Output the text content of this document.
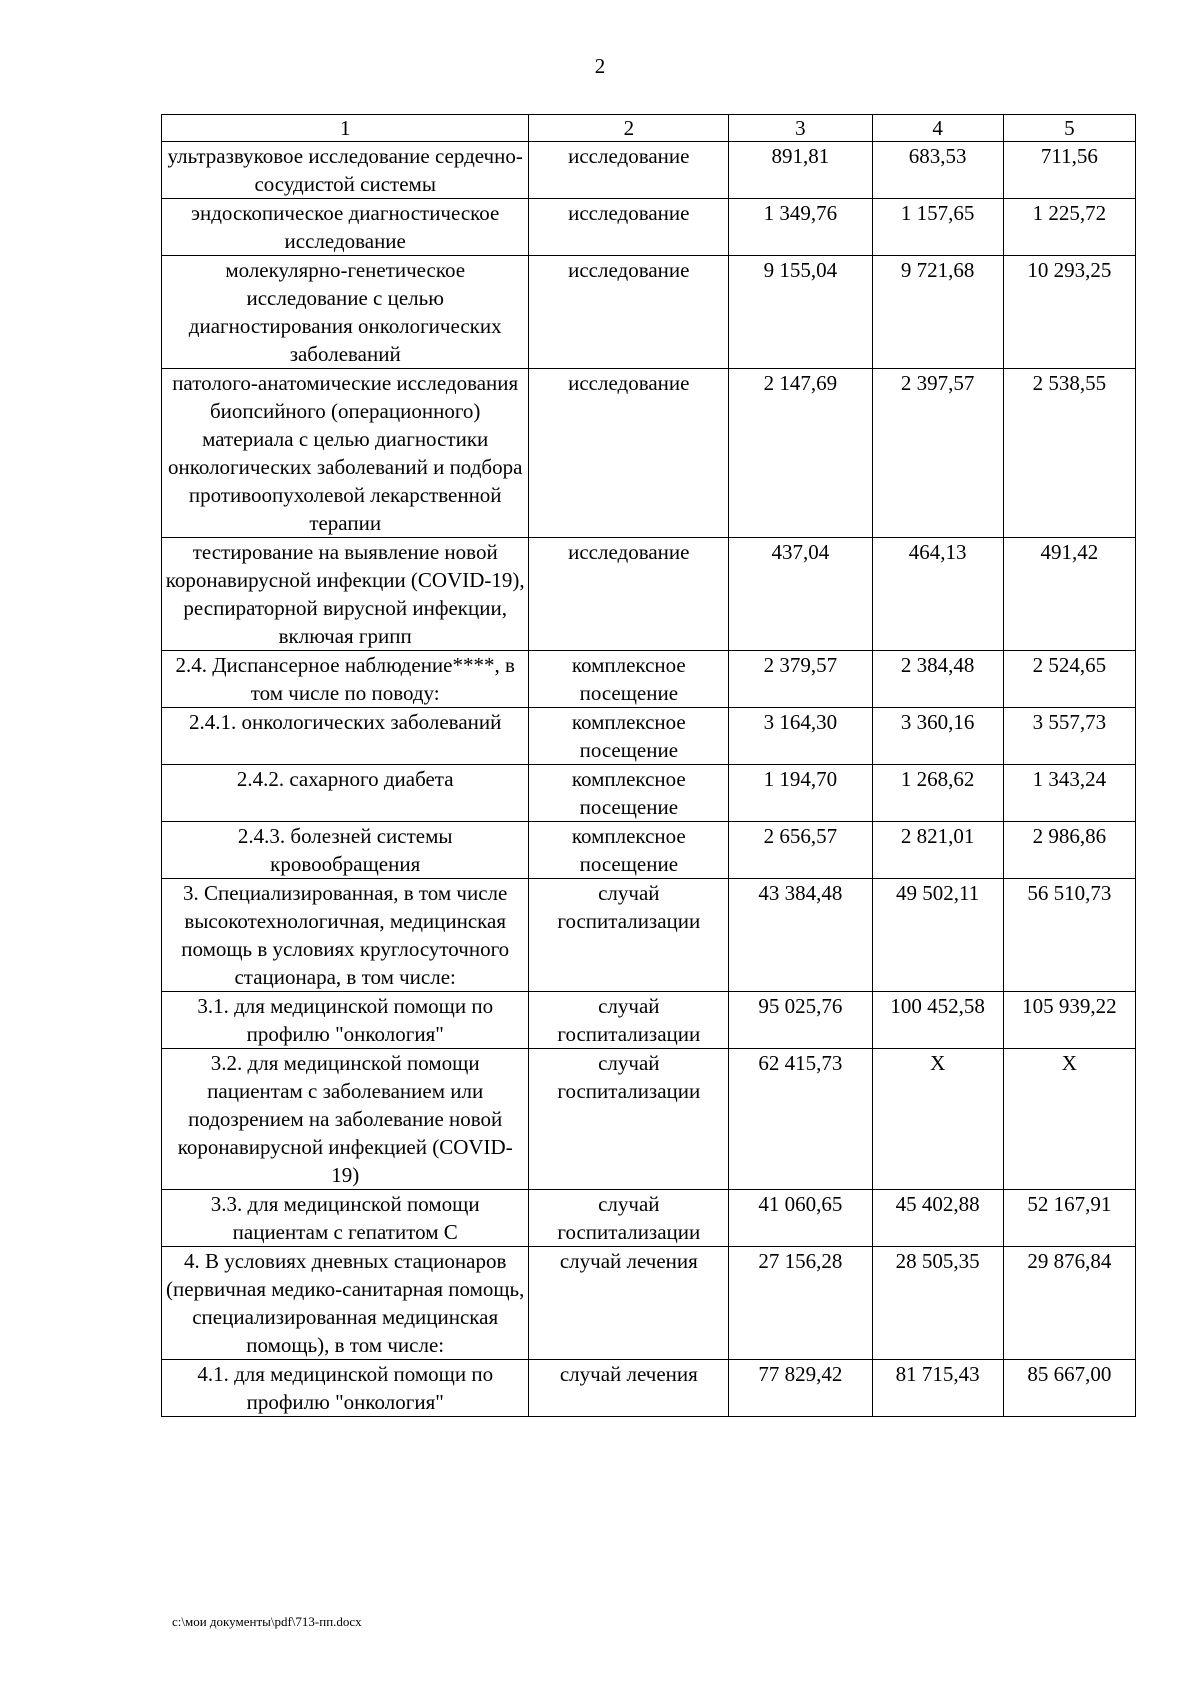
2
1	2	3	4	5
ультразвуковое исследование сердечно-сосудистой системы	исследование	891,81	683,53	711,56
эндоскопическое диагностическое исследование	исследование	1 349,76	1 157,65	1 225,72
молекулярно-генетическое исследование с целью диагностирования онкологических заболеваний	исследование	9 155,04	9 721,68	10 293,25
патолого-анатомические исследования биопсийного (операционного) материала с целью диагностики онкологических заболеваний и подбора противоопухолевой лекарственной терапии	исследование	2 147,69	2 397,57	2 538,55
тестирование на выявление новой коронавирусной инфекции (COVID-19), респираторной вирусной инфекции, включая грипп	исследование	437,04	464,13	491,42
2.4. Диспансерное наблюдение****, в том числе по поводу:	комплексное посещение	2 379,57	2 384,48	2 524,65
2.4.1. онкологических заболеваний	комплексное посещение	3 164,30	3 360,16	3 557,73
2.4.2. сахарного диабета	комплексное посещение	1 194,70	1 268,62	1 343,24
2.4.3. болезней системы кровообращения	комплексное посещение	2 656,57	2 821,01	2 986,86
3. Специализированная, в том числе высокотехнологичная, медицинская помощь в условиях круглосуточного стационара, в том числе:	случай госпитализации	43 384,48	49 502,11	56 510,73
3.1. для медицинской помощи по профилю "онкология"	случай госпитализации	95 025,76	100 452,58	105 939,22
3.2. для медицинской помощи пациентам с заболеванием или подозрением на заболевание новой коронавирусной инфекцией (COVID-19)	случай госпитализации	62 415,73	Х	Х
3.3. для медицинской помощи пациентам с гепатитом С	случай госпитализации	41 060,65	45 402,88	52 167,91
4. В условиях дневных стационаров (первичная медико-санитарная помощь, специализированная медицинская помощь), в том числе:	случай лечения	27 156,28	28 505,35	29 876,84
4.1. для медицинской помощи по профилю "онкология"	случай лечения	77 829,42	81 715,43	85 667,00
c:\мои документы\pdf\713-пп.docx
